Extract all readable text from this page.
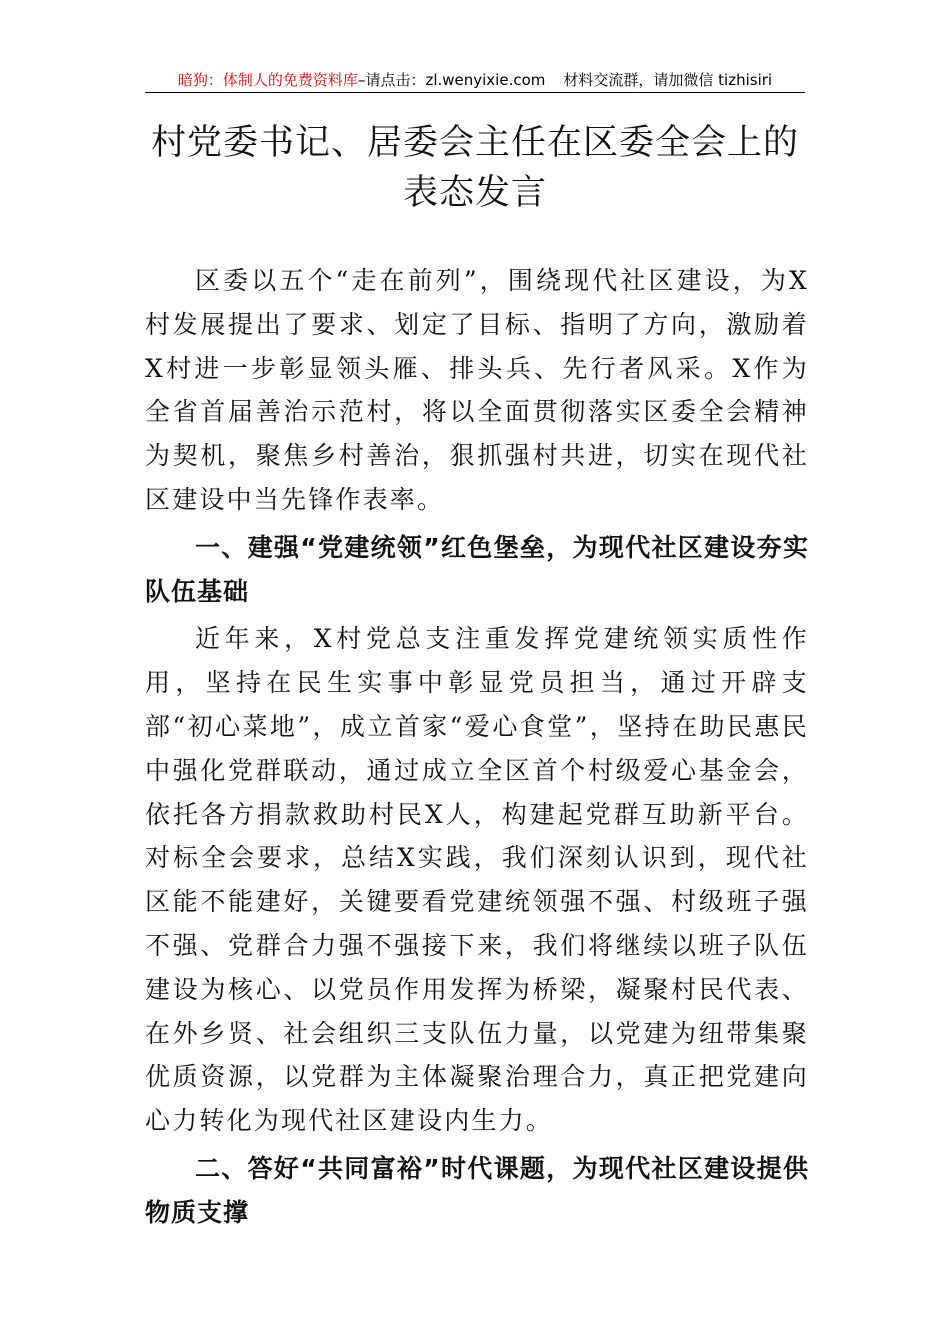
暗狗：体制人的免费资料库–请点击：zl.wenyixie.com 材料交流群，请加微信 tizhisiri
村党委书记、居委会主任在区委全会上的
表态发言

区委以五个“走在前列”，围绕现代社区建设，为X村发展提出了要求、划定了目标、指明了方向，激励着X村进一步彰显领头雁、排头兵、先行者风采。X作为全省首届善治示范村，将以全面贯彻落实区委全会精神为契机，聚焦乡村善治，狠抓强村共进，切实在现代社区建设中当先锋作表率。

一、建强“党建统领”红色堡垒，为现代社区建设夯实队伍基础

近年来，X村党总支注重发挥党建统领实质性作用，坚持在民生实事中彰显党员担当，通过开辟支部“初心菜地”，成立首家“爱心食堂”，坚持在助民惠民中强化党群联动，通过成立全区首个村级爱心基金会，依托各方捐款救助村民X人，构建起党群互助新平台。对标全会要求，总结X实践，我们深刻认识到，现代社区能不能建好，关键要看党建统领强不强、村级班子强不强、党群合力强不强接下来，我们将继续以班子队伍建设为核心、以党员作用发挥为桥梁，凝聚村民代表、在外乡贤、社会组织三支队伍力量，以党建为纽带集聚优质资源，以党群为主体凝聚治理合力，真正把党建向心力转化为现代社区建设内生力。

二、答好“共同富裕”时代课题，为现代社区建设提供物质支撑
